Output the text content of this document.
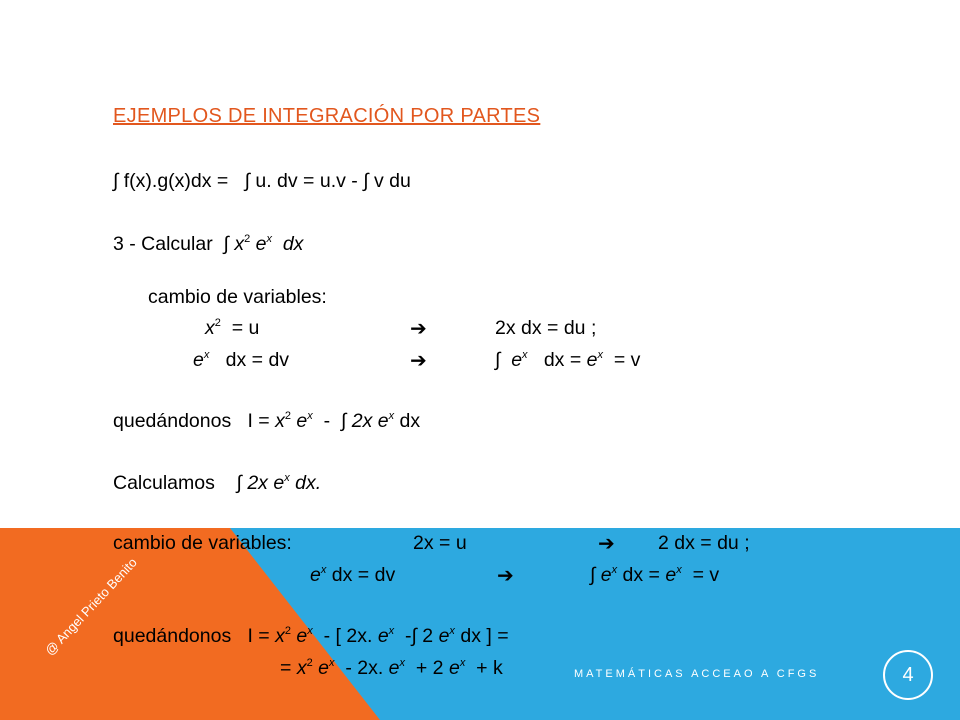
EJEMPLOS DE INTEGRACIÓN POR PARTES
∫ f(x).g(x)dx = ∫ u. dv = u.v - ∫ v du
3 - Calcular ∫ $x^2$ $e^x$ dx
cambio de variables:
$x^2 = u$	➔	2x dx = du ;
$e^x$ dx = dv	➔	∫ $e^x$ dx = $e^x = v$
quedándonos $I = x^2$ $e^x$ - ∫ 2x $e^x$ dx
Calculamos ∫ 2x $e^x$ dx.
cambio de variables:	2x = u	➔ 2 dx = du ;
$e^x$ dx = dv	➔	∫ $e^x$ dx = $e^x = v$
quedándonos $I = x^2$ $e^x$ - [ 2x. $e^x$ -∫ 2 $e^x$ dx ] =
= $x^2$ $e^x - 2x$. $e^x + 2$ $e^x + k$
@ Angel Prieto Benito
MATEMÁTICAS ACCEAO A CFGS	4
